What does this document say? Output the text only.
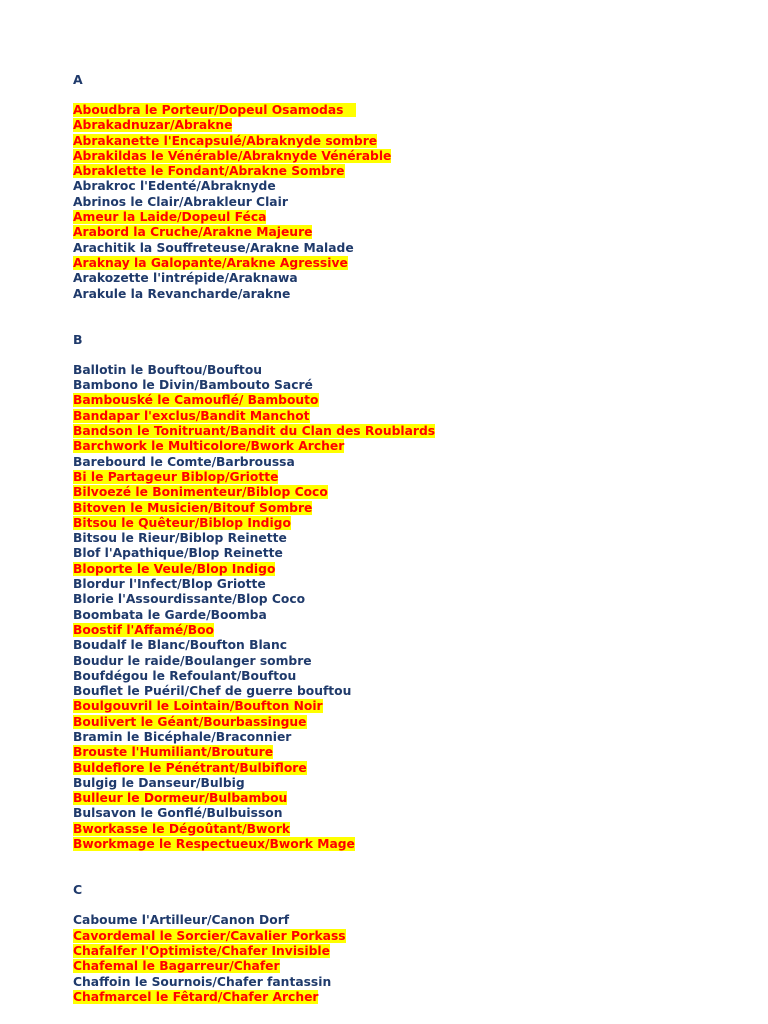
A
Aboudbra le Porteur/Dopeul Osamodas
Abrakadnuzar/Abrakne
Abrakanette l'Encapsulé/Abraknyde sombre
Abrakildas le Vénérable/Abraknyde Vénérable
Abraklette le Fondant/Abrakne Sombre
Abrakroc l'Edenté/Abraknyde
Abrinos le Clair/Abrakleur Clair
Ameur la Laide/Dopeul Féca
Arabord la Cruche/Arakne Majeure
Arachitik la Souffreteuse/Arakne Malade
Araknay la Galopante/Arakne Agressive
Arakozette l'intrépide/Araknawa
Arakule la Revancharde/arakne
B
Ballotin le Bouftou/Bouftou
Bambono le Divin/Bambouto Sacré
Bambouské le Camouflé/ Bambouto
Bandapar l'exclus/Bandit Manchot
Bandson le Tonitruant/Bandit du Clan des Roublards
Barchwork le Multicolore/Bwork Archer
Barebourd le Comte/Barbroussa
Bi le Partageur Biblop/Griotte
Bilvoezé le Bonimenteur/Biblop Coco
Bitoven le Musicien/Bitouf Sombre
Bitsou le Quêteur/Biblop Indigo
Bitsou le Rieur/Biblop Reinette
Blof l'Apathique/Blop Reinette
Bloporte le Veule/Blop Indigo
Blordur l'Infect/Blop Griotte
Blorie l'Assourdissante/Blop Coco
Boombata le Garde/Boomba
Boostif l'Affamé/Boo
Boudalf le Blanc/Boufton Blanc
Boudur le raide/Boulanger sombre
Boufdégou le Refoulant/Bouftou
Bouflet le Puéril/Chef de guerre bouftou
Boulgouvril le Lointain/Boufton Noir
Boulivert le Géant/Bourbassingue
Bramin le Bicéphale/Braconnier
Brouste l'Humiliant/Brouture
Buldeflore le Pénétrant/Bulbiflore
Bulgig le Danseur/Bulbig
Bulleur le Dormeur/Bulbambou
Bulsavon le Gonflé/Bulbuisson
Bworkasse le Dégoûtant/Bwork
Bworkmage le Respectueux/Bwork Mage
C
Caboume l'Artilleur/Canon Dorf
Cavordemal le Sorcier/Cavalier Porkass
Chafalfer l'Optimiste/Chafer Invisible
Chafemal le Bagarreur/Chafer
Chaffoin le Sournois/Chafer fantassin
Chafmarcel le Fêtard/Chafer Archer
